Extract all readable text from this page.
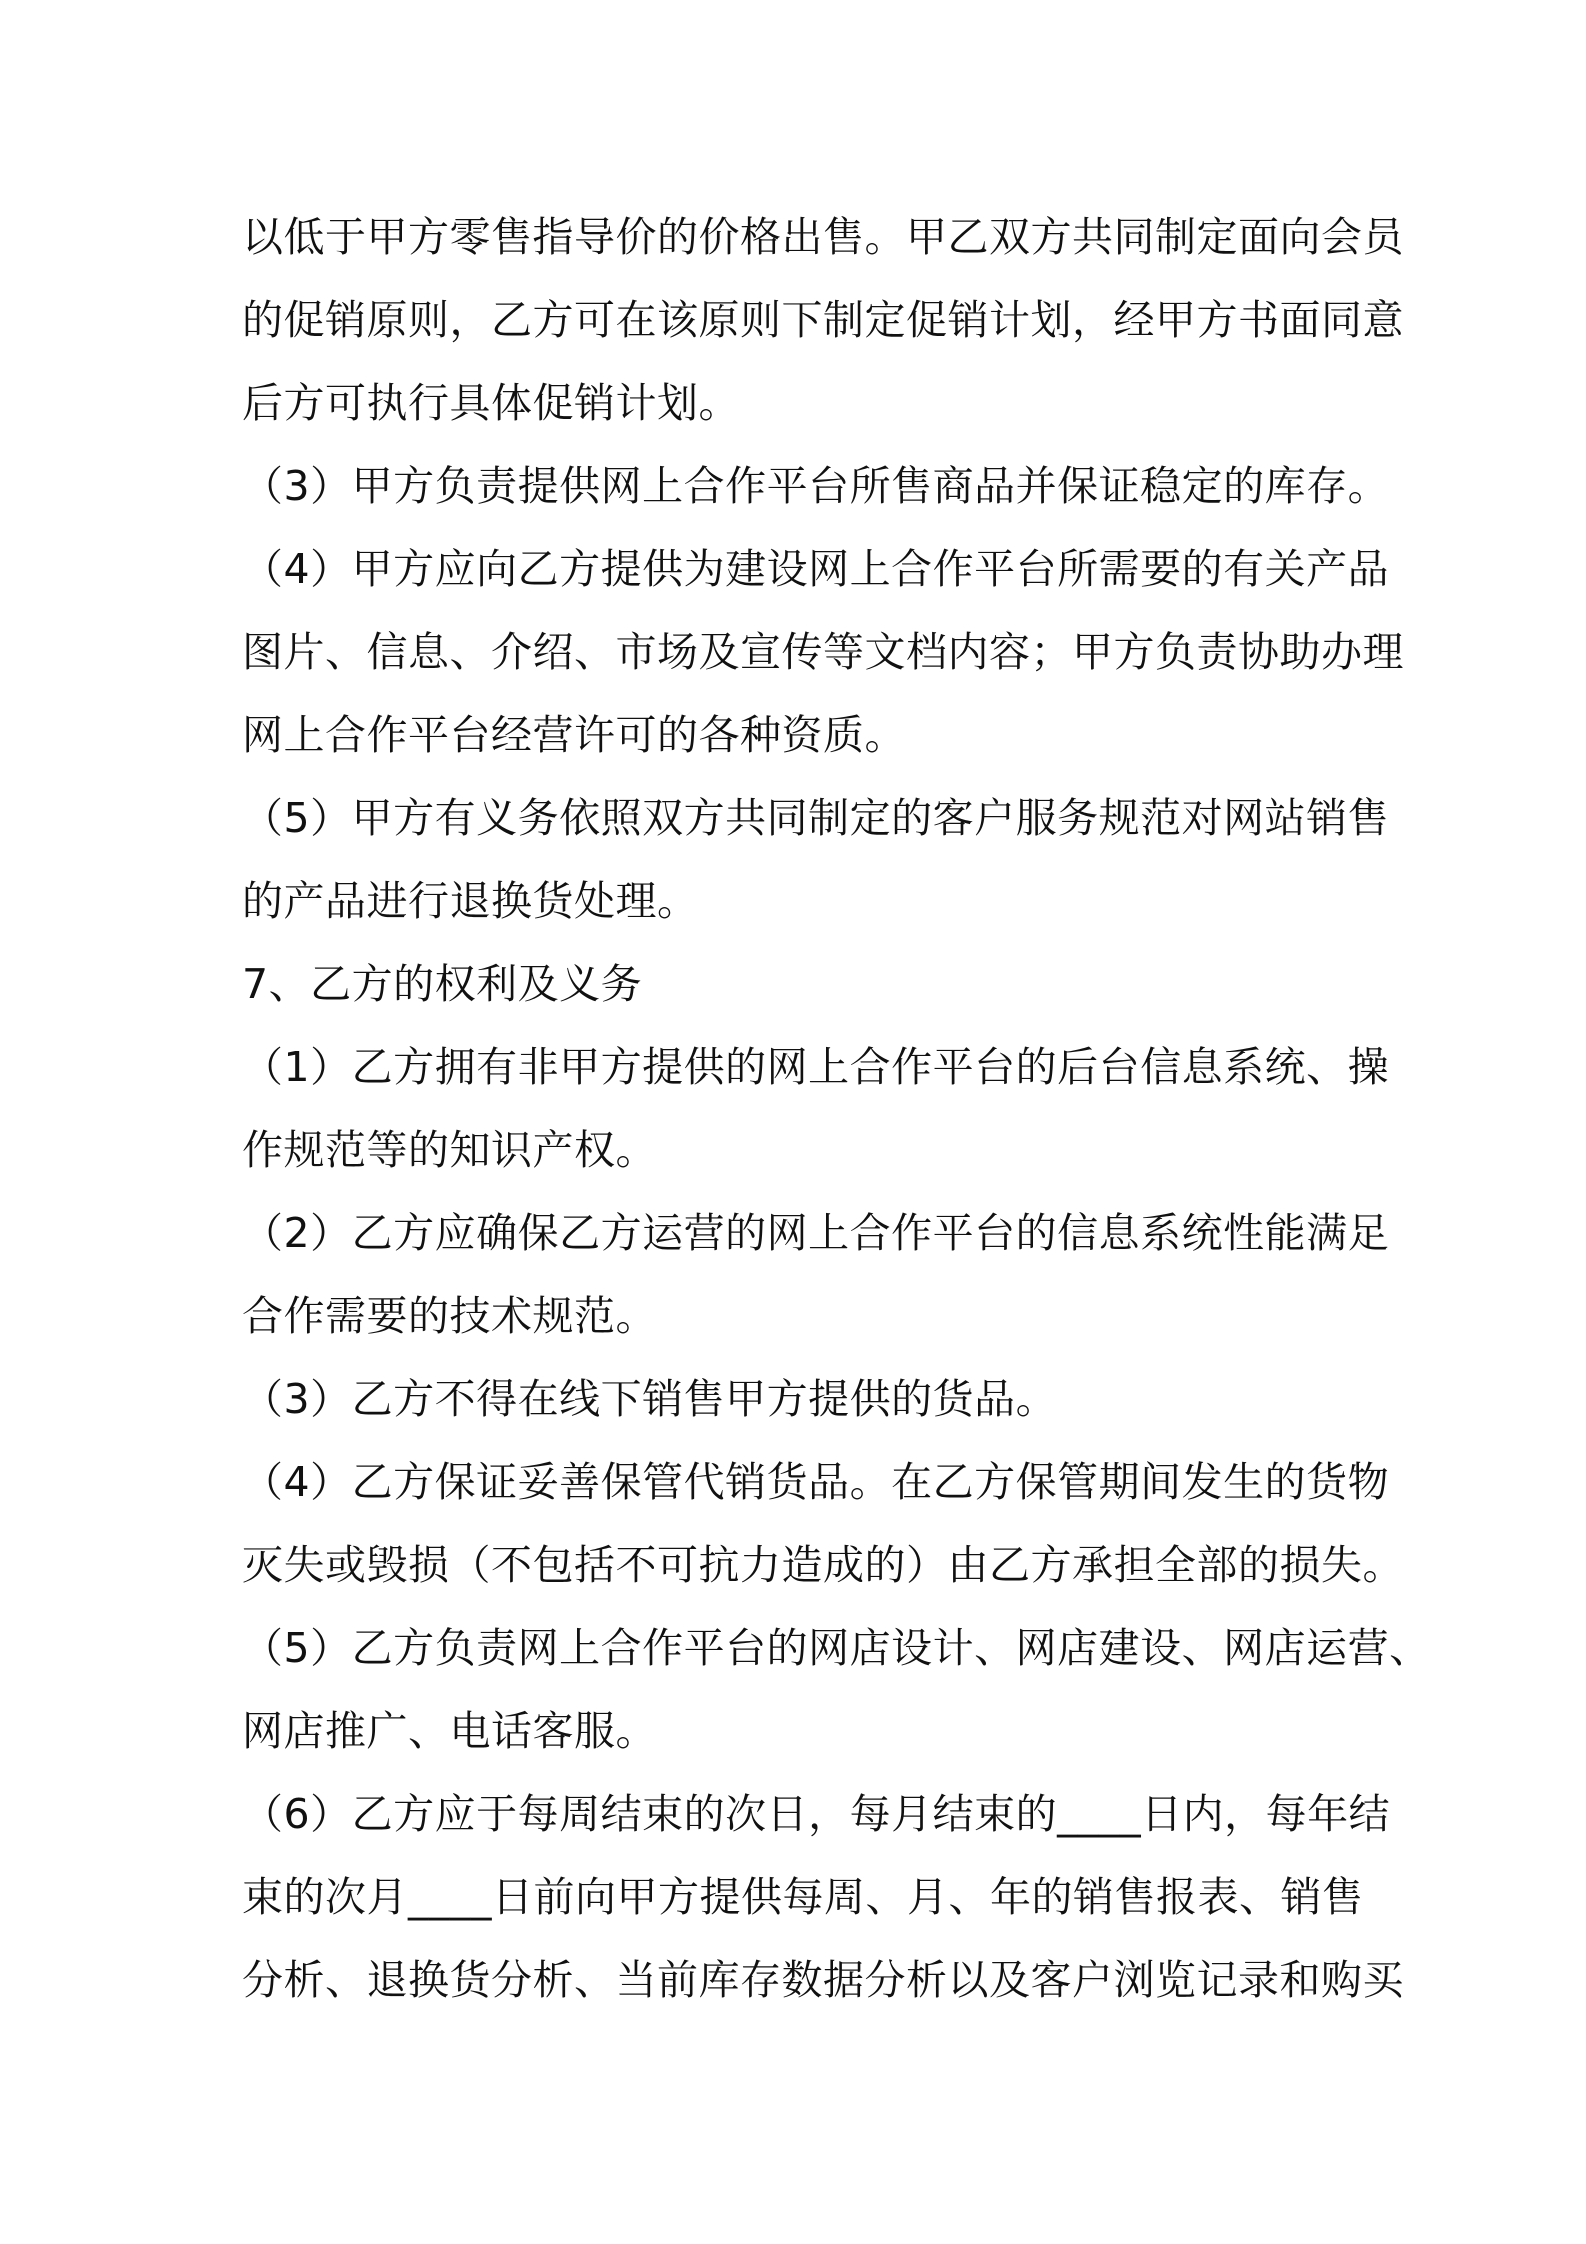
以低于甲方零售指导价的价格出售。甲乙双方共同制定面向会员
的促销原则，乙方可在该原则下制定促销计划，经甲方书面同意
后方可执行具体促销计划。
（3）甲方负责提供网上合作平台所售商品并保证稳定的库存。
（4）甲方应向乙方提供为建设网上合作平台所需要的有关产品
图片、信息、介绍、市场及宣传等文档内容；甲方负责协助办理
网上合作平台经营许可的各种资质。
（5）甲方有义务依照双方共同制定的客户服务规范对网站销售
的产品进行退换货处理。
7、乙方的权利及义务
（1）乙方拥有非甲方提供的网上合作平台的后台信息系统、操
作规范等的知识产权。
（2）乙方应确保乙方运营的网上合作平台的信息系统性能满足
合作需要的技术规范。
（3）乙方不得在线下销售甲方提供的货品。
（4）乙方保证妥善保管代销货品。在乙方保管期间发生的货物
灭失或毁损（不包括不可抗力造成的）由乙方承担全部的损失。
（5）乙方负责网上合作平台的网店设计、网店建设、网店运营、
网店推广、电话客服。
（6）乙方应于每周结束的次日，每月结束的____日内，每年结
束的次月____日前向甲方提供每周、月、年的销售报表、销售
分析、退换货分析、当前库存数据分析以及客户浏览记录和购买
